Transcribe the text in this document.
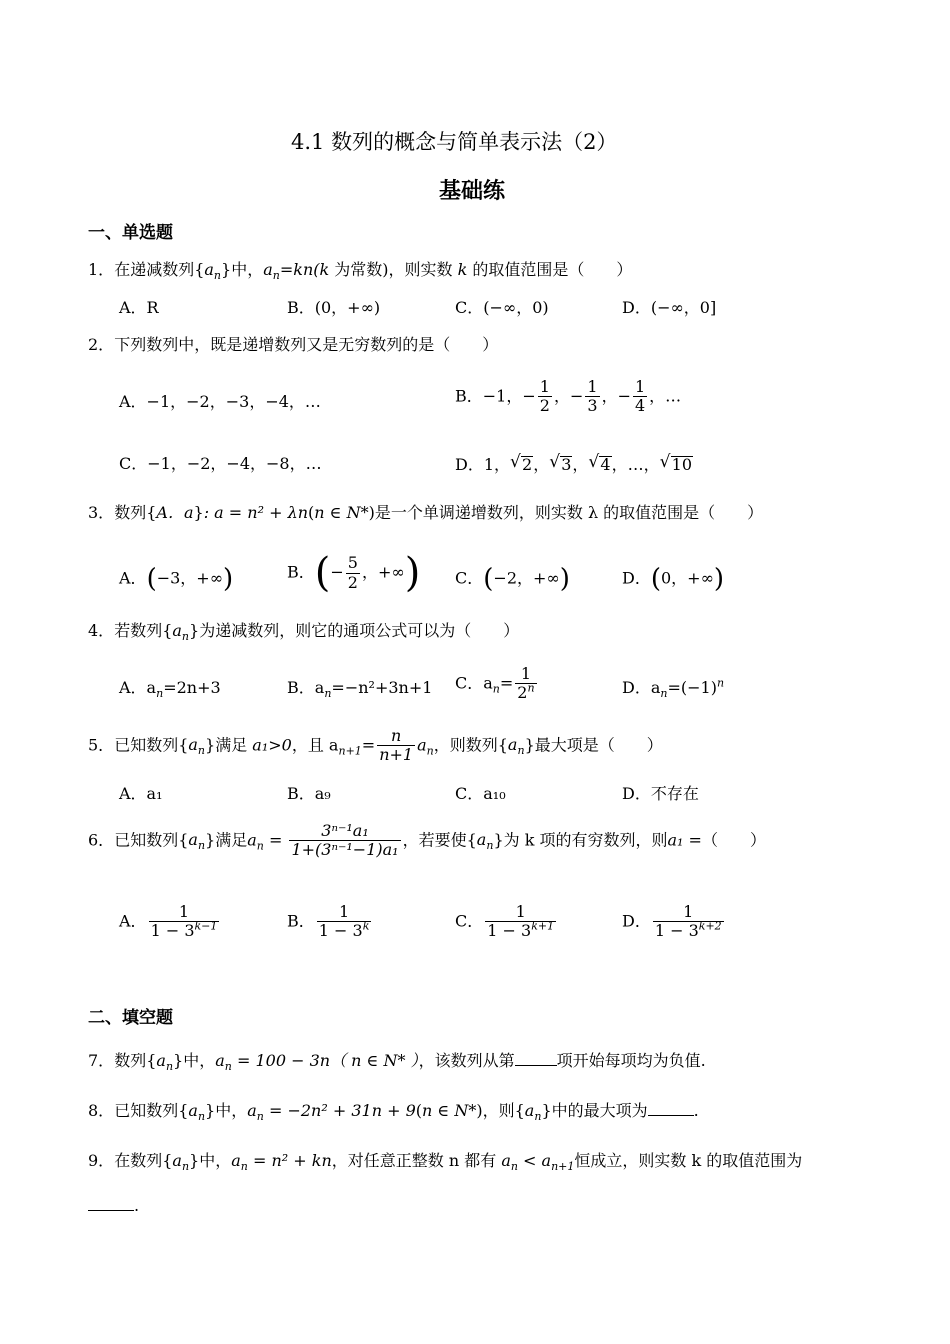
4.1 数列的概念与简单表示法（2）
基础练
一、单选题
1．在递减数列$\{a_n\}$中，$a_n=kn(k$ 为常数)，则实数 k 的取值范围是（　　）
A．R	B．(0，+∞)	C．(−∞，0)	D．(−∞，0]
2．下列数列中，既是递增数列又是无穷数列的是（　　）
A．−1，−2，−3，−4，…	B．−1，− $\frac{1}{2}$ ，− $\frac{1}{3}$ ，− $\frac{1}{4}$ ，…
C．−1，−2，−4，−8，…	D．1， √ 2， √ 3， √ 4，…， √ 10
3．数列{A．a}: a = n² + λn(n ∈ N*)是一个单调递增数列，则实数 λ 的取值范围是（　　）
A．(−3，+∞)	B．(− $\frac{5}{2}$ ，+∞) C．(−2，+∞)	D．(0，+∞)
4．若数列$\{a_n\}$为递减数列，则它的通项公式可以为（　　）
A．$a_n=2n+3$	B．$a_n=-n^2+3n+1$ C．$a_n= \frac{1}{2^n}$	D．$a_n=(-1)^n$
5．已知数列$\{a_n\}$满足 a₁>0，且 $a_{n+1}= \frac{n}{n+1} a_n$，则数列$\{a_n\}$最大项是（　　）
A．a₁	B．a₉	C．a₁₀	D．不存在
6．已知数列$\{a_n\}$满足$a_n = \frac{\text{3ⁿ⁻¹a₁}}{\text{1+(3ⁿ⁻¹−1)a₁}}$ ，若要使$\{a_n\}$为 k 项的有穷数列，则a₁ =（　　）
A． $\frac{1}{1 - 3^{k-1}}$	B． $\frac{1}{1 - 3^k}$	C． $\frac{1}{1 - 3^{k+1}}$	D． $\frac{1}{1 - 3^{k+2}}$
二、填空题
7．数列$\{a_n\}$中，$a_n = 100 - 3n$（ n ∈ N* ），该数列从第	项开始每项均为负值.
8．已知数列$\{a_n\}$中，$a_n = -2n^2 + 31n + 9(n$ ∈ N*)，则$\{a_n\}$中的最大项为	.
9．在数列$\{a_n\}$中，$a_n = n^2$ + kn，对任意正整数 n 都有 $a_n < a_{n+1}$恒成立，则实数 k 的取值范围为
.
